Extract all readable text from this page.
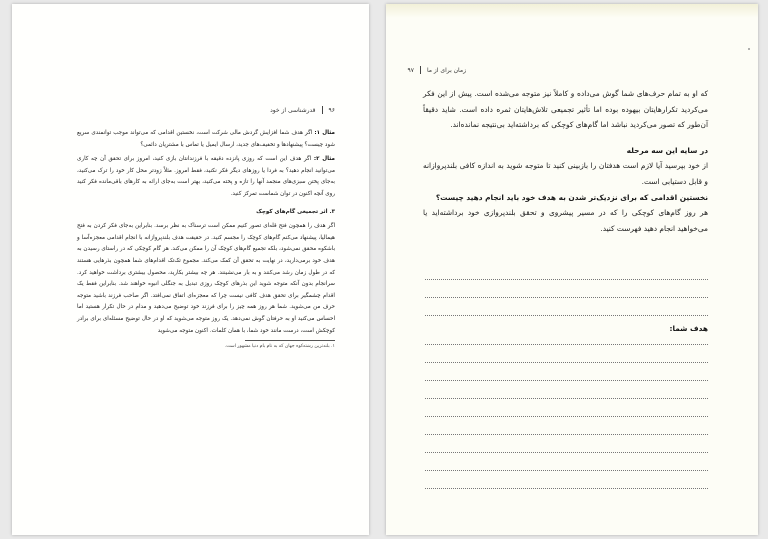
۹۶
قدرشناسی از خود

مثال ۱: اگر هدف شما افزایش گردش مالی شرکت است، نخستین اقدامی که می‌تواند موجب توانمندی سریع شود چیست؟ پیشنهادها و تخفیف‌های جدید، ارسال ایمیل یا تماس با مشتریان دائمی؟

مثال ۲: اگر هدف این است که روزی پانزده دقیقه با فرزندانتان بازی کنید، امروز برای تحقق آن چه کاری می‌توانید انجام دهید؟ به فردا یا روزهای دیگر فکر نکنید، فقط امروز. مثلاً زودتر محل کار خود را ترک می‌کنید، به‌جای پختن سبزی‌های منجمد آنها را تازه و پخته می‌کنید، بهتر است به‌جای ارائه به کارهای باقی‌مانده فکر کنید روی آنچه اکنون در توان شماست تمرکز کنید.

۳. اثر تجمیعی گام‌های کوچک

اگر هدف را همچون فتح قله‌ای تصور کنیم ممکن است ترسناک به نظر برسد. بنابراین به‌جای فکر کردن به فتح هیمالیا، پیشنهاد می‌کنم گام‌های کوچک را مجسم کنید. در حقیقت هدف بلندپروازانه با انجام اقدامی معجزه‌آسا و باشکوه محقق نمی‌شود، بلکه تجمیع گام‌های کوچک آن را ممکن می‌کند. هر گام کوچکی که در راستای رسیدن به هدف خود برمی‌دارید، در نهایت به تحقق آن کمک می‌کند. مجموع تک‌تک اقدام‌های شما همچون بذرهایی هستند که در طول زمان رشد می‌کنند و به بار می‌نشینند. هر چه بیشتر بکارید، محصول بیشتری برداشت خواهید کرد. سرانجام بدون آنکه متوجه شوید این بذرهای کوچک روزی تبدیل به جنگلی انبوه خواهند شد. بنابراین فقط یک اقدام چشمگیر برای تحقق هدف کافی نیست چرا که معجزه‌ای اتفاق نمی‌افتد. اگر صاحب فرزند باشید متوجه حرف من می‌شوید. شما هر روز همه چیز را برای فرزند خود توضیح می‌دهید و مدام در حال تکرار هستید اما احساس می‌کنید او به حرفتان گوش نمی‌دهد. یک روز متوجه می‌شوید که او در حال توضیح مسئله‌ای برای برادر کوچکش است، درست مانند خود شما، با همان کلمات. اکنون متوجه می‌شوید

۱. بلندترین رشته‌کوه جهان که به نام بام دنیا مشهور است.
زمان برای از ما
۹۷

که او به تمام حرف‌های شما گوش می‌داده و کاملاً نیز متوجه می‌شده است. پیش از این فکر می‌کردید تکرارهایتان بیهوده بوده اما تأثیر تجمیعی تلاش‌هایتان ثمره داده است. شاید دقیقاً آن‌طور که تصور می‌کردید نباشد اما گام‌های کوچکی که برداشته‌اید بی‌نتیجه نمانده‌اند.

در سایه این سه مرحله

از خود بپرسید آیا لازم است هدفتان را بازبینی کنید تا متوجه شوید به اندازه کافی بلندپروازانه و قابل دستیابی است.

نخستین اقدامی که برای نزدیک‌تر شدن به هدف خود باید انجام دهید چیست؟

هر روز گام‌های کوچکی را که در مسیر پیشروی و تحقق بلندپروازی خود برداشته‌اید یا می‌خواهید انجام دهید فهرست کنید.

هدف شما:
